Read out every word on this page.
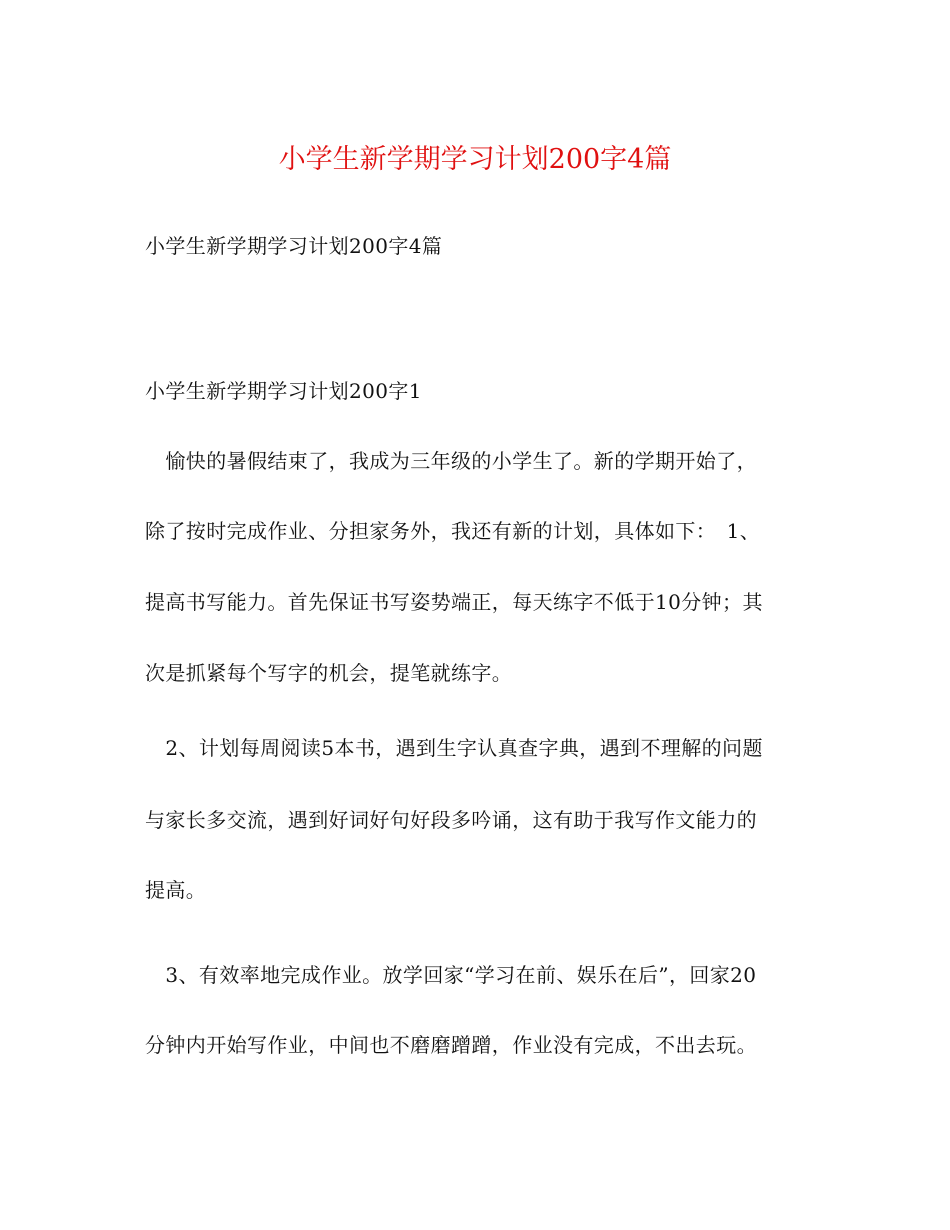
小学生新学期学习计划200字4篇
小学生新学期学习计划200字4篇
小学生新学期学习计划200字1
　愉快的暑假结束了，我成为三年级的小学生了。新的学期开始了，
除了按时完成作业、分担家务外，我还有新的计划，具体如下：　1、
提高书写能力。首先保证书写姿势端正，每天练字不低于10分钟；其
次是抓紧每个写字的机会，提笔就练字。
　2、计划每周阅读5本书，遇到生字认真查字典，遇到不理解的问题
与家长多交流，遇到好词好句好段多吟诵，这有助于我写作文能力的
提高。
　3、有效率地完成作业。放学回家“学习在前、娱乐在后”，回家20
分钟内开始写作业，中间也不磨磨蹭蹭，作业没有完成，不出去玩。
